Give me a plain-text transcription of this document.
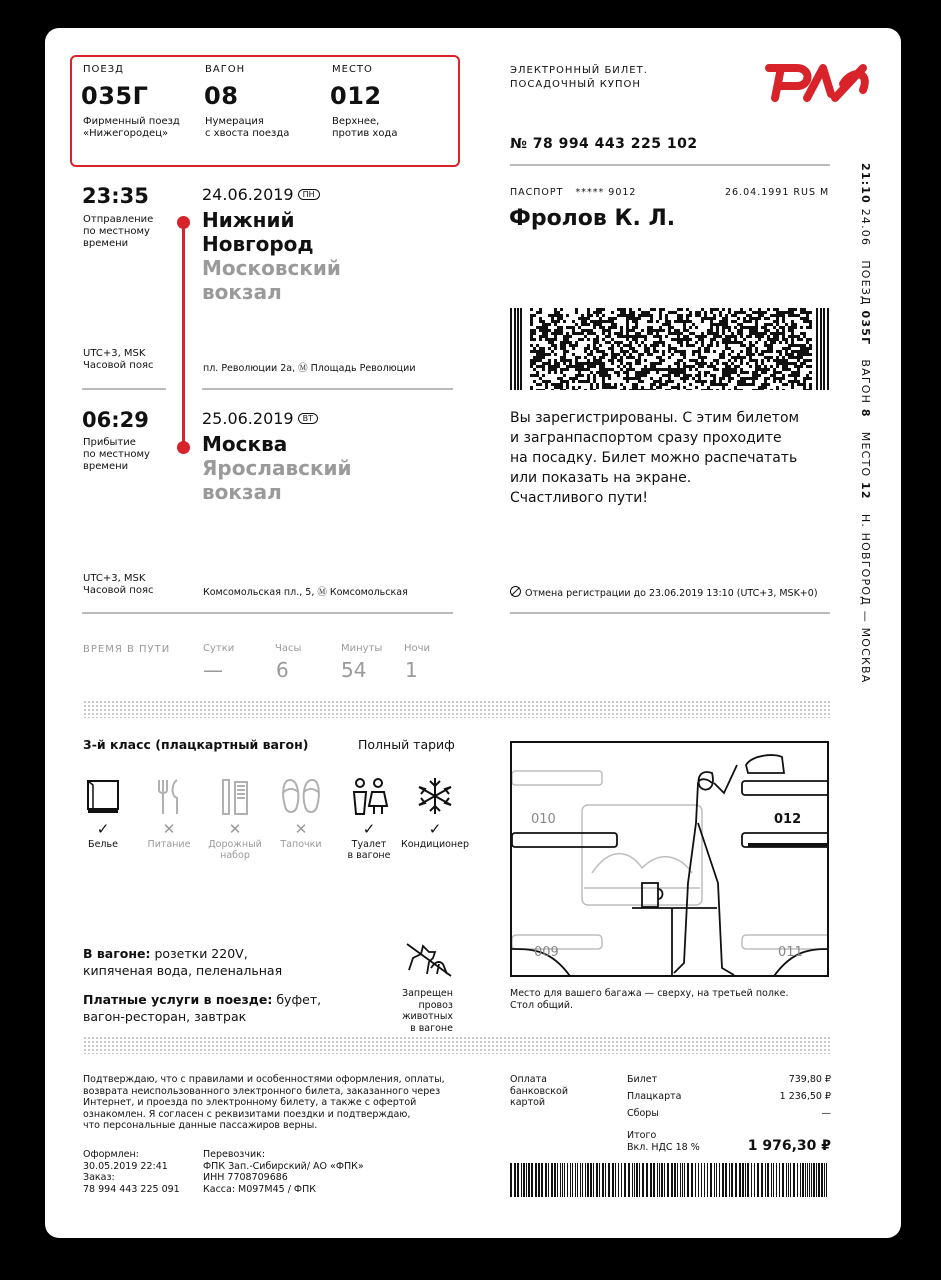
ПОЕЗД
035Г
Фирменный поезд
«Нижегородец»
ВАГОН
08
Нумерация
с хвоста поезда
МЕСТО
012
Верхнее,
против хода
ЭЛЕКТРОННЫЙ БИЛЕТ.
ПОСАДОЧНЫЙ КУПОН
№ 78 994 443 225 102
23:35
Отправление
по местному
времени
24.06.2019 ПН
Нижний
Новгород
Московский
вокзал
UTC+3, MSK
Часовой пояс	пл. Революции 2а, Ⓜ Площадь Революции
06:29
Прибытие
по местному
времени
25.06.2019 ВТ
Москва
Ярославский
вокзал
UTC+3, MSK
Часовой пояс	Комсомольская пл., 5, Ⓜ Комсомольская
ПАСПОРТ ***** 9012	26.04.1991 RUS M
Фролов К. Л.
Вы зарегистрированы. С этим билетом
и загранпаспортом сразу проходите
на посадку. Билет можно распечатать
или показать на экране.
Счастливого пути!
Отмена регистрации до 23.06.2019 13:10 (UTC+3, MSK+0)
ВРЕМЯ В ПУТИ	Сутки
—
Часы
6
Минуты
54
Ночи
1
3-й класс (плацкартный вагон)	Полный тариф
✓
Белье
✕
Питание
✕
Дорожный
набор
✕
Тапочки
✓
Туалет
в вагоне
✓
Кондиционер
В вагоне: розетки 220V,
кипяченая вода, пеленальная
Платные услуги в поезде: буфет,
вагон-ресторан, завтрак
Запрещен
провоз животных
в вагоне
010	012
009	011
Место для вашего багажа — сверху, на третьей полке.
Стол общий.
Подтверждаю, что с правилами и особенностями оформления, оплаты,
возврата неиспользованного электронного билета, заказанного через
Интернет, и проезда по электронному билету, а также с офертой
ознакомлен. Я согласен с реквизитами поездки и подтверждаю,
что персональные данные пассажиров верны.
Оформлен:
30.05.2019 22:41
Заказ:
78 994 443 225 091
Перевозчик:
ФПК Зап.-Сибирский/ АО «ФПК»
ИНН 7708709686
Касса: М097М45 / ФПК
Оплата
банковской
картой
Билет	739,80 ₽
Плацкарта	1 236,50 ₽
Сборы	—
Итого
Вкл. НДС 18 %	1 976,30 ₽
21:10 24.06   ПОЕЗД 035Г   ВАГОН 8   МЕСТО 12   Н. НОВГОРОД — МОСКВА
